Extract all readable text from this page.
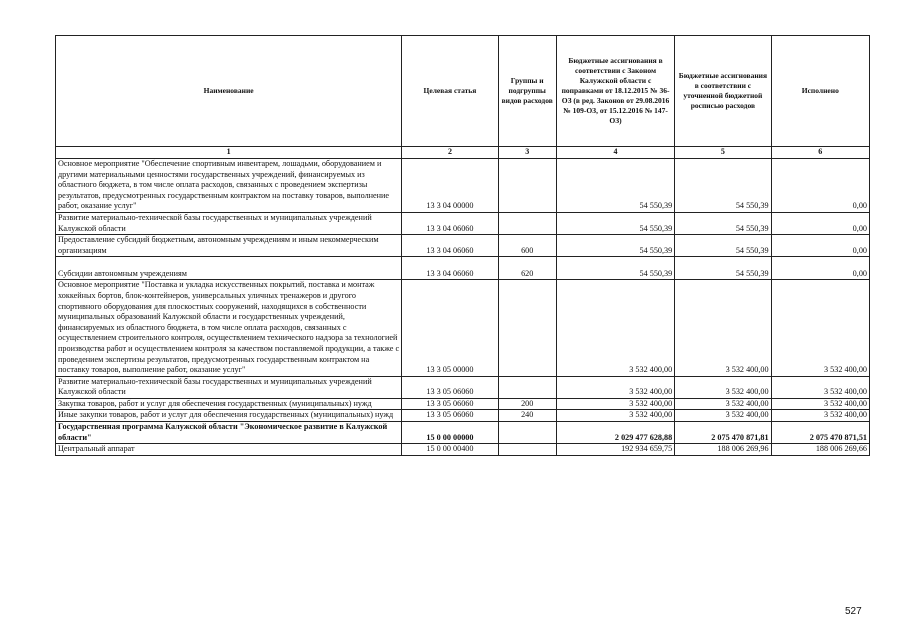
Наименование	Целевая статья	Группы и подгруппы видов расходов	Бюджетные ассигнования в соответствии с Законом Калужской области с поправками от 18.12.2015 № 36-ОЗ (в ред. Законов от 29.08.2016 № 109-ОЗ, от 15.12.2016 № 147-ОЗ)	Бюджетные ассигнования в соответствии с уточненной бюджетной росписью расходов	Исполнено
1	2	3	4	5	6
Основное мероприятие "Обеспечение спортивным инвентарем, лошадьми, оборудованием и другими материальными ценностями государственных учреждений, финансируемых из областного бюджета, в том числе оплата расходов, связанных с проведением экспертизы результатов, предусмотренных государственным контрактом на поставку товаров, выполнение работ, оказание услуг"	13 3 04 00000		54 550,39	54 550,39	0,00
Развитие материально-технической базы государственных и муниципальных учреждений Калужской области	13 3 04 06060		54 550,39	54 550,39	0,00
Предоставление субсидий бюджетным, автономным учреждениям и иным некоммерческим организациям	13 3 04 06060	600	54 550,39	54 550,39	0,00
Субсидии автономным учреждениям	13 3 04 06060	620	54 550,39	54 550,39	0,00
Основное мероприятие "Поставка и укладка искусственных покрытий, поставка и монтаж хоккейных бортов, блок-контейнеров, универсальных уличных тренажеров и другого спортивного оборудования для плоскостных сооружений, находящихся в собственности муниципальных образований Калужской области и государственных учреждений, финансируемых из областного бюджета, в том числе оплата расходов, связанных с осуществлением строительного контроля, осуществлением технического надзора за технологией производства работ и осуществлением контроля за качеством поставляемой продукции, а также с проведением экспертизы результатов, предусмотренных государственным контрактом на поставку товаров, выполнение работ, оказание услуг"	13 3 05 00000		3 532 400,00	3 532 400,00	3 532 400,00
Развитие материально-технической базы государственных и муниципальных учреждений Калужской области	13 3 05 06060		3 532 400,00	3 532 400,00	3 532 400,00
Закупка товаров, работ и услуг для обеспечения государственных (муниципальных) нужд	13 3 05 06060	200	3 532 400,00	3 532 400,00	3 532 400,00
Иные закупки товаров, работ и услуг для обеспечения государственных (муниципальных) нужд	13 3 05 06060	240	3 532 400,00	3 532 400,00	3 532 400,00
Государственная программа Калужской области "Экономическое развитие в Калужской области"	15 0 00 00000		2 029 477 628,88	2 075 470 871,81	2 075 470 871,51
Центральный аппарат	15 0 00 00400		192 934 659,75	188 006 269,96	188 006 269,66
527
